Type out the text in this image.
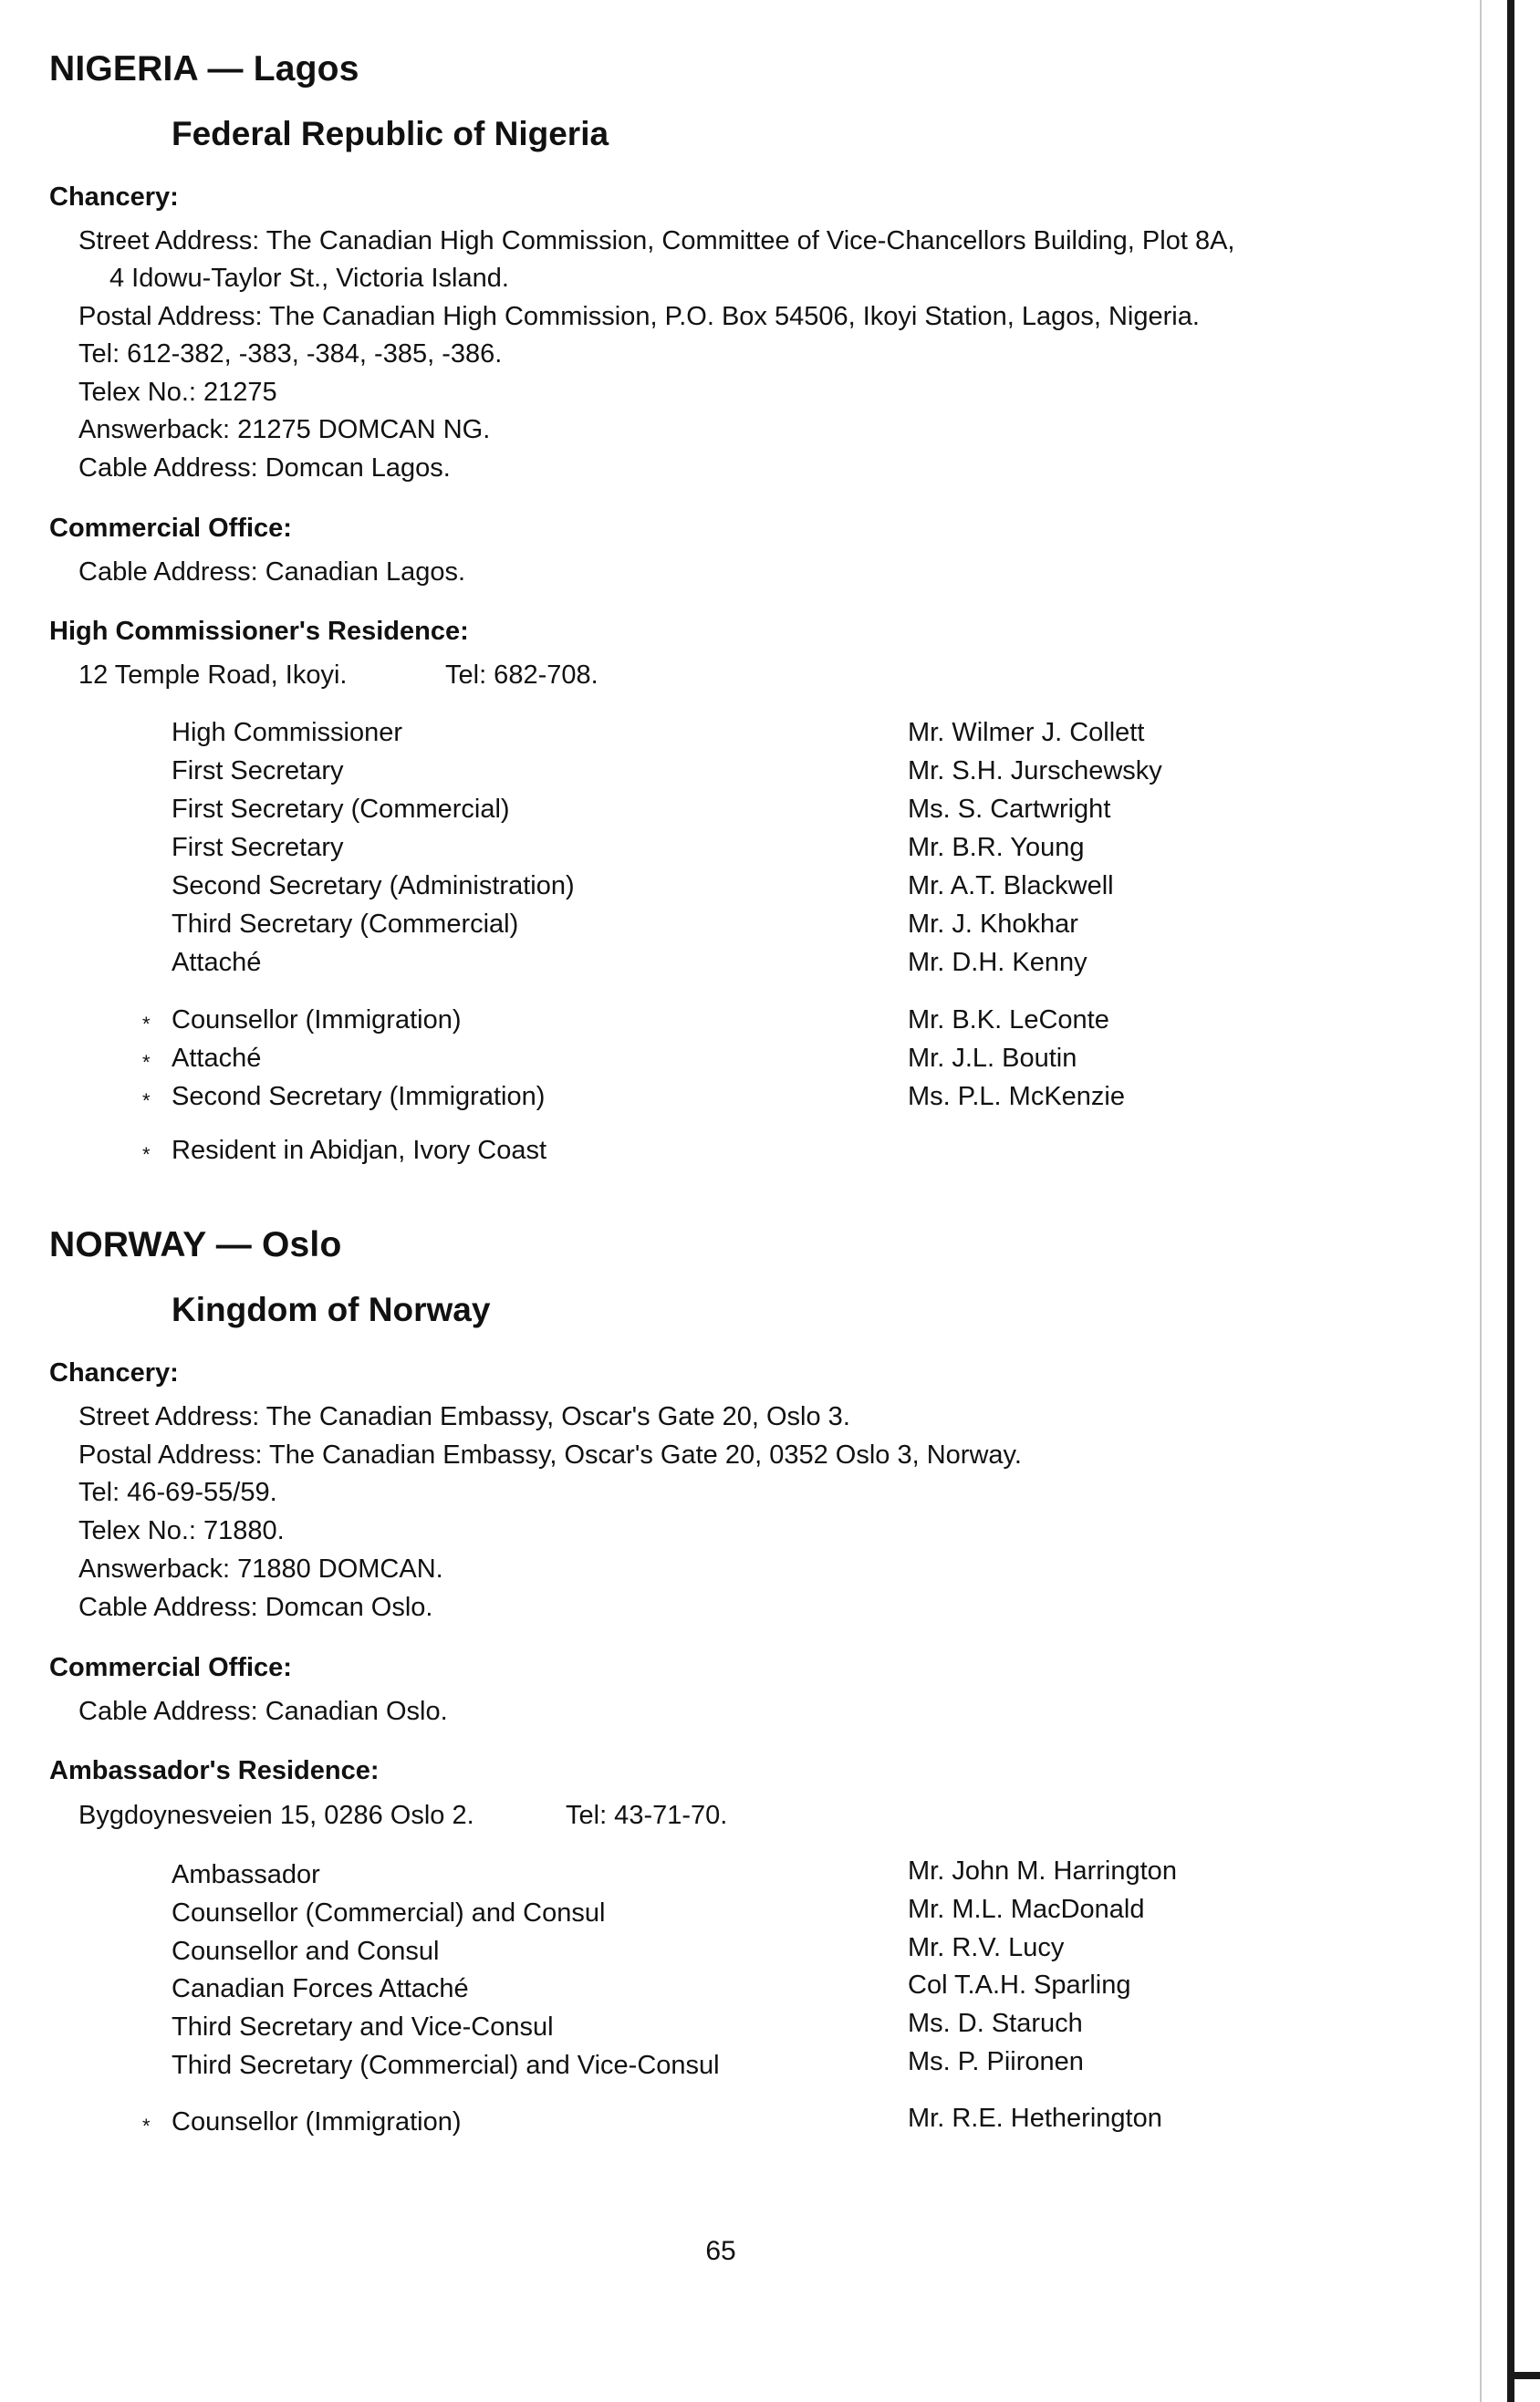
NIGERIA — Lagos
Federal Republic of Nigeria
Chancery:
Street Address: The Canadian High Commission, Committee of Vice-Chancellors Building, Plot 8A,
4 Idowu-Taylor St., Victoria Island.
Postal Address: The Canadian High Commission, P.O. Box 54506, Ikoyi Station, Lagos, Nigeria.
Tel: 612-382, -383, -384, -385, -386.
Telex No.: 21275
Answerback: 21275 DOMCAN NG.
Cable Address: Domcan Lagos.
Commercial Office:
Cable Address: Canadian Lagos.
High Commissioner's Residence:
12 Temple Road, Ikoyi.	Tel: 682-708.
High Commissioner	Mr. Wilmer J. Collett
First Secretary	Mr. S.H. Jurschewsky
First Secretary (Commercial)	Ms. S. Cartwright
First Secretary	Mr. B.R. Young
Second Secretary (Administration)	Mr. A.T. Blackwell
Third Secretary (Commercial)	Mr. J. Khokhar
Attaché	Mr. D.H. Kenny
* Counsellor (Immigration)	Mr. B.K. LeConte
* Attaché	Mr. J.L. Boutin
* Second Secretary (Immigration)	Ms. P.L. McKenzie
* Resident in Abidjan, Ivory Coast
NORWAY — Oslo
Kingdom of Norway
Chancery:
Street Address: The Canadian Embassy, Oscar's Gate 20, Oslo 3.
Postal Address: The Canadian Embassy, Oscar's Gate 20, 0352 Oslo 3, Norway.
Tel: 46-69-55/59.
Telex No.: 71880.
Answerback: 71880 DOMCAN.
Cable Address: Domcan Oslo.
Commercial Office:
Cable Address: Canadian Oslo.
Ambassador's Residence:
Bygdoynesveien 15, 0286 Oslo 2.	Tel: 43-71-70.
Ambassador	Mr. John M. Harrington
Counsellor (Commercial) and Consul	Mr. M.L. MacDonald
Counsellor and Consul	Mr. R.V. Lucy
Canadian Forces Attaché	Col T.A.H. Sparling
Third Secretary and Vice-Consul	Ms. D. Staruch
Third Secretary (Commercial) and Vice-Consul	Ms. P. Piironen
* Counsellor (Immigration)	Mr. R.E. Hetherington
65
